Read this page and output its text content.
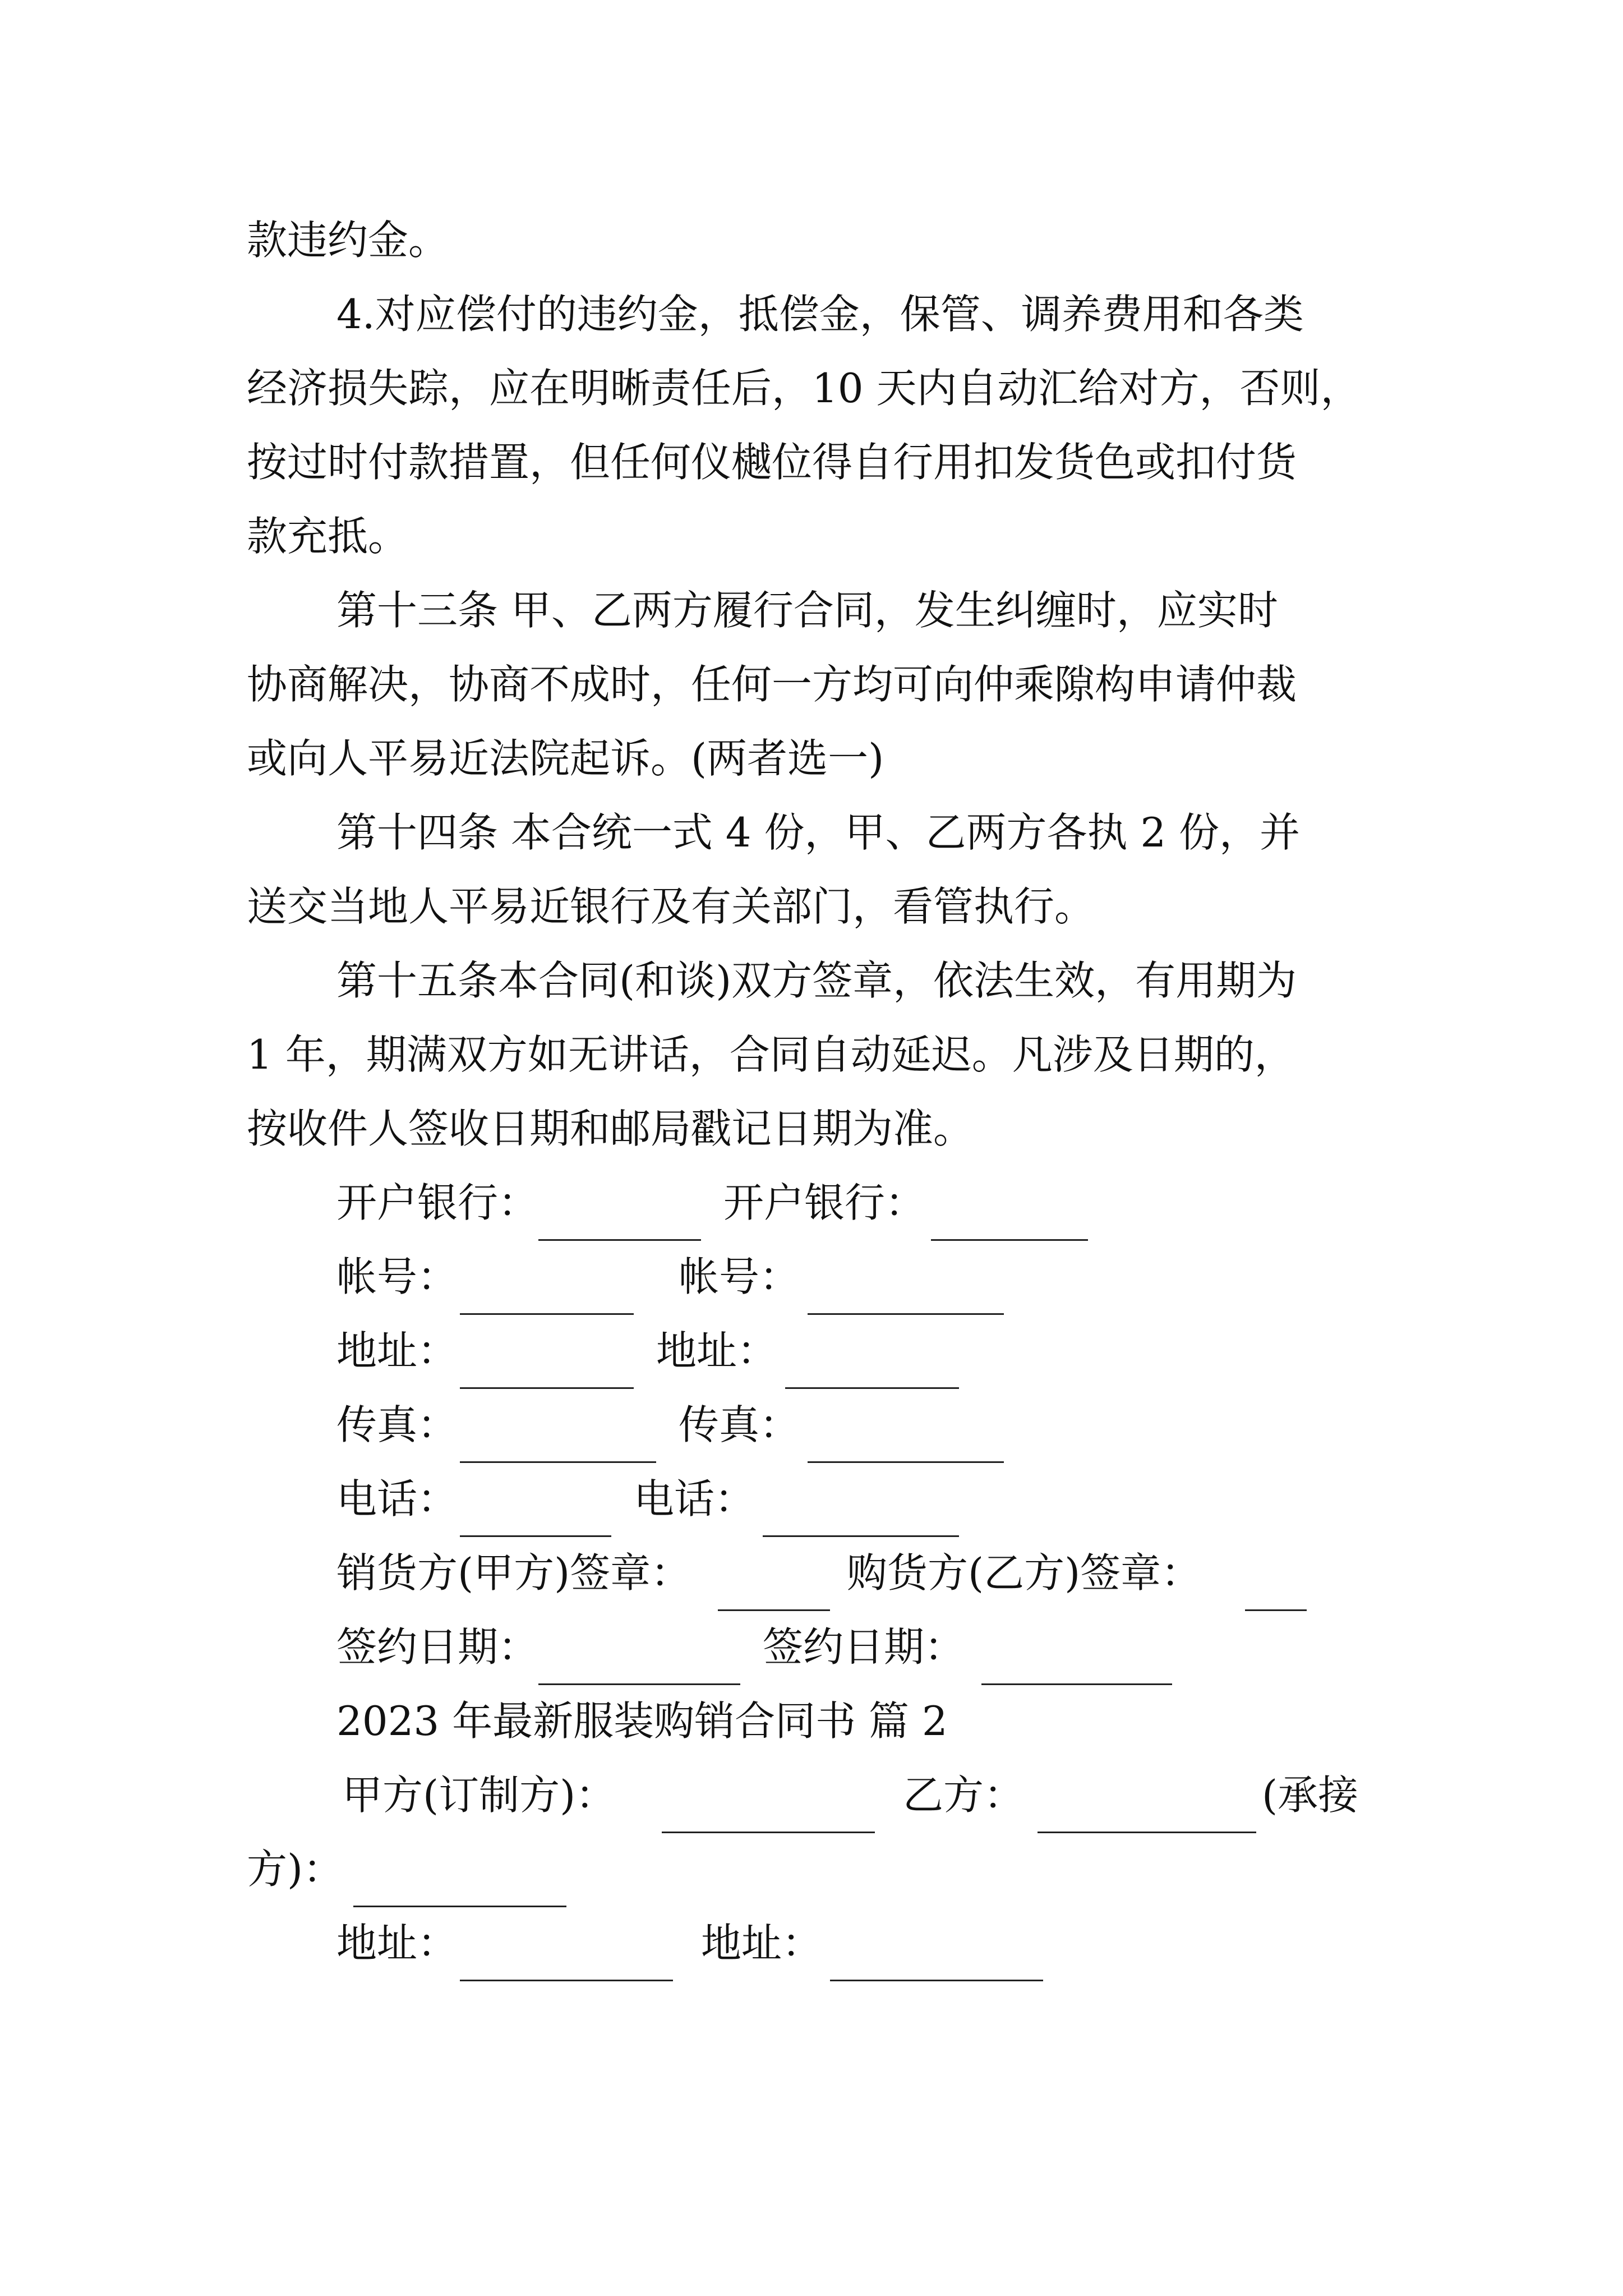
款违约金。
4.对应偿付的违约金，抵偿金，保管、调养费用和各类
经济损失踪，应在明晰责任后，10 天内自动汇给对方，否则，
按过时付款措置，但任何仪樾位得自行用扣发货色或扣付货
款充抵。
第十三条 甲、乙两方履行合同，发生纠缠时，应实时
协商解决，协商不成时，任何一方均可向仲乘隙构申请仲裁
或向人平易近法院起诉。(两者选一)
第十四条 本合统一式 4 份，甲、乙两方各执 2 份，并
送交当地人平易近银行及有关部门，看管执行。
第十五条本合同(和谈)双方签章，依法生效，有用期为
1 年，期满双方如无讲话，合同自动延迟。凡涉及日期的，
按收件人签收日期和邮局戳记日期为准。
开户银行：	开户银行：
帐号：	帐号：
地址：	地址：
传真：	传真：
电话：	电话：
销货方(甲方)签章：	购货方(乙方)签章：
签约日期：	签约日期：
2023 年最新服装购销合同书 篇 2
甲方(订制方)：	乙方：	(承接
方)：
地址：	地址：
